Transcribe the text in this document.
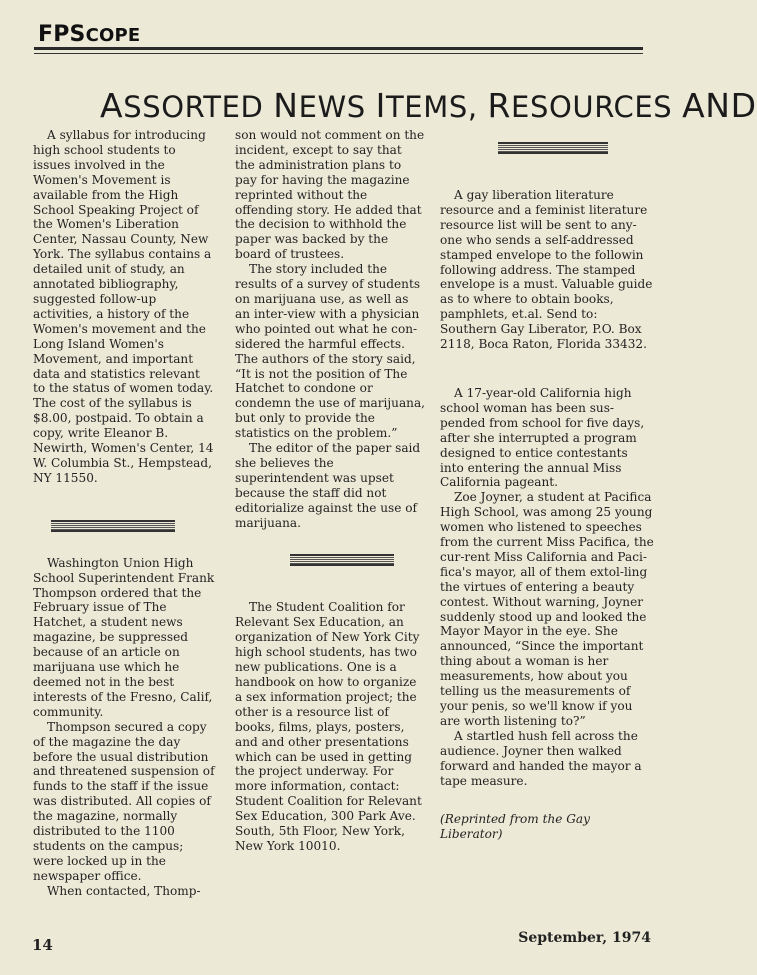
FPSCOPE
ASSORTED NEWS ITEMS, RESOURCES AND

A syllabus for introducing high school students to issues involved in the Women's Movement is available from the High School Speaking Project of the Women's Liberation Center, Nassau County, New York. The syllabus contains a detailed unit of study, an annotated bibliography, suggested follow-up activities, a history of the Women's movement and the Long Island Women's Movement, and important data and statistics relevant to the status of women today. The cost of the syllabus is $8.00, postpaid. To obtain a copy, write Eleanor B. Newirth, Women's Center, 14 W. Columbia St., Hempstead, NY 11550.

Washington Union High School Superintendent Frank Thompson ordered that the February issue of The Hatchet, a student news magazine, be suppressed because of an article on marijuana use which he deemed not in the best interests of the Fresno, Calif, community.

Thompson secured a copy of the magazine the day before the usual distribution and threatened suspension of funds to the staff if the issue was distributed. All copies of the magazine, normally distributed to the 1100 students on the campus; were locked up in the newspaper office.

When contacted, Thomp-

son would not comment on the incident, except to say that the administration plans to pay for having the magazine reprinted without the offending story. He added that the decision to withhold the paper was backed by the board of trustees.

The story included the results of a survey of students on marijuana use, as well as an inter-view with a physician who pointed out what he con-sidered the harmful effects. The authors of the story said, “It is not the position of The Hatchet to condone or condemn the use of marijuana, but only to provide the statistics on the problem.”

The editor of the paper said she believes the superintendent was upset because the staff did not editorialize against the use of marijuana.

The Student Coalition for Relevant Sex Education, an organization of New York City high school students, has two new publications. One is a handbook on how to organize a sex information project; the other is a resource list of books, films, plays, posters, and and other presentations which can be used in getting the project underway. For more information, contact: Student Coalition for Relevant Sex Education, 300 Park Ave. South, 5th Floor, New York, New York 10010.

A gay liberation literature resource and a feminist literature resource list will be sent to any-one who sends a self-addressed stamped envelope to the followin following address. The stamped envelope is a must. Valuable guide as to where to obtain books, pamphlets, et.al. Send to: Southern Gay Liberator, P.O. Box 2118, Boca Raton, Florida 33432.

A 17-year-old California high school woman has been sus-pended from school for five days, after she interrupted a program designed to entice contestants into entering the annual Miss California pageant.

Zoe Joyner, a student at Pacifica High School, was among 25 young women who listened to speeches from the current Miss Pacifica, the cur-rent Miss California and Paci-fica's mayor, all of them extol-ling the virtues of entering a beauty contest. Without warning, Joyner suddenly stood up and looked the Mayor Mayor in the eye. She announced, “Since the important thing about a woman is her measurements, how about you telling us the measurements of your penis, so we'll know if you are worth listening to?”

A startled hush fell across the audience. Joyner then walked forward and handed the mayor a tape measure.

(Reprinted from the Gay Liberator)

14	September, 1974
